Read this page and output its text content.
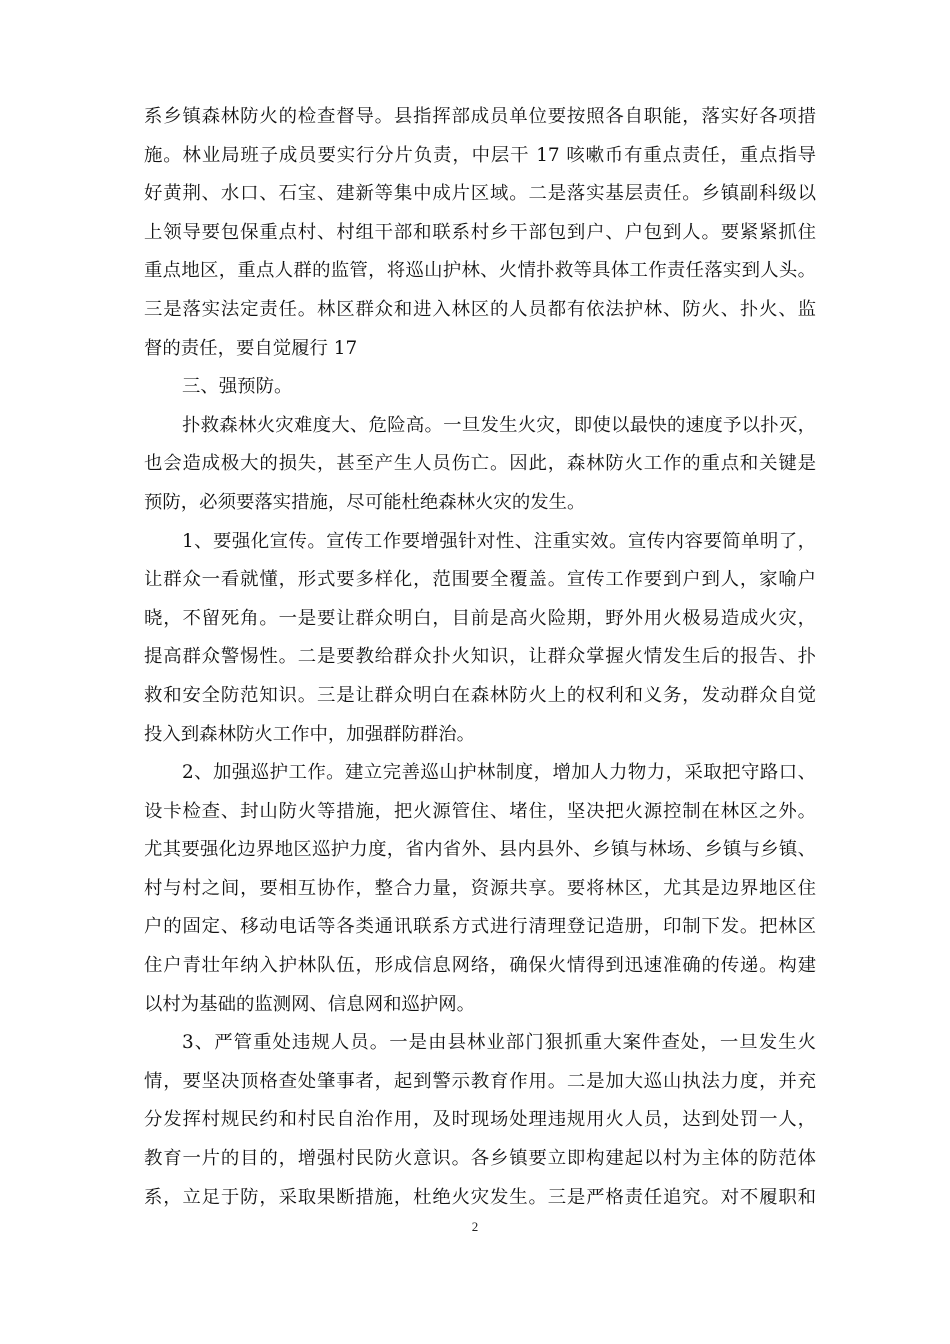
系乡镇森林防火的检查督导。县指挥部成员单位要按照各自职能，落实好各项措
施。林业局班子成员要实行分片负责，中层干 17 咳嗽币有重点责任，重点指导
好黄荆、水口、石宝、建新等集中成片区域。二是落实基层责任。乡镇副科级以
上领导要包保重点村、村组干部和联系村乡干部包到户、户包到人。要紧紧抓住
重点地区，重点人群的监管，将巡山护林、火情扑救等具体工作责任落实到人头。
三是落实法定责任。林区群众和进入林区的人员都有依法护林、防火、扑火、监
督的责任，要自觉履行 17
三、强预防。
扑救森林火灾难度大、危险高。一旦发生火灾，即使以最快的速度予以扑灭，
也会造成极大的损失，甚至产生人员伤亡。因此，森林防火工作的重点和关键是
预防，必须要落实措施，尽可能杜绝森林火灾的发生。
1、要强化宣传。宣传工作要增强针对性、注重实效。宣传内容要简单明了，
让群众一看就懂，形式要多样化，范围要全覆盖。宣传工作要到户到人，家喻户
晓，不留死角。一是要让群众明白，目前是高火险期，野外用火极易造成火灾，
提高群众警惕性。二是要教给群众扑火知识，让群众掌握火情发生后的报告、扑
救和安全防范知识。三是让群众明白在森林防火上的权利和义务，发动群众自觉
投入到森林防火工作中，加强群防群治。
2、加强巡护工作。建立完善巡山护林制度，增加人力物力，采取把守路口、
设卡检查、封山防火等措施，把火源管住、堵住，坚决把火源控制在林区之外。
尤其要强化边界地区巡护力度，省内省外、县内县外、乡镇与林场、乡镇与乡镇、
村与村之间，要相互协作，整合力量，资源共享。要将林区，尤其是边界地区住
户的固定、移动电话等各类通讯联系方式进行清理登记造册，印制下发。把林区
住户青壮年纳入护林队伍，形成信息网络，确保火情得到迅速准确的传递。构建
以村为基础的监测网、信息网和巡护网。
3、严管重处违规人员。一是由县林业部门狠抓重大案件查处，一旦发生火
情，要坚决顶格查处肇事者，起到警示教育作用。二是加大巡山执法力度，并充
分发挥村规民约和村民自治作用，及时现场处理违规用火人员，达到处罚一人，
教育一片的目的，增强村民防火意识。各乡镇要立即构建起以村为主体的防范体
系，立足于防，采取果断措施，杜绝火灾发生。三是严格责任追究。对不履职和
2
